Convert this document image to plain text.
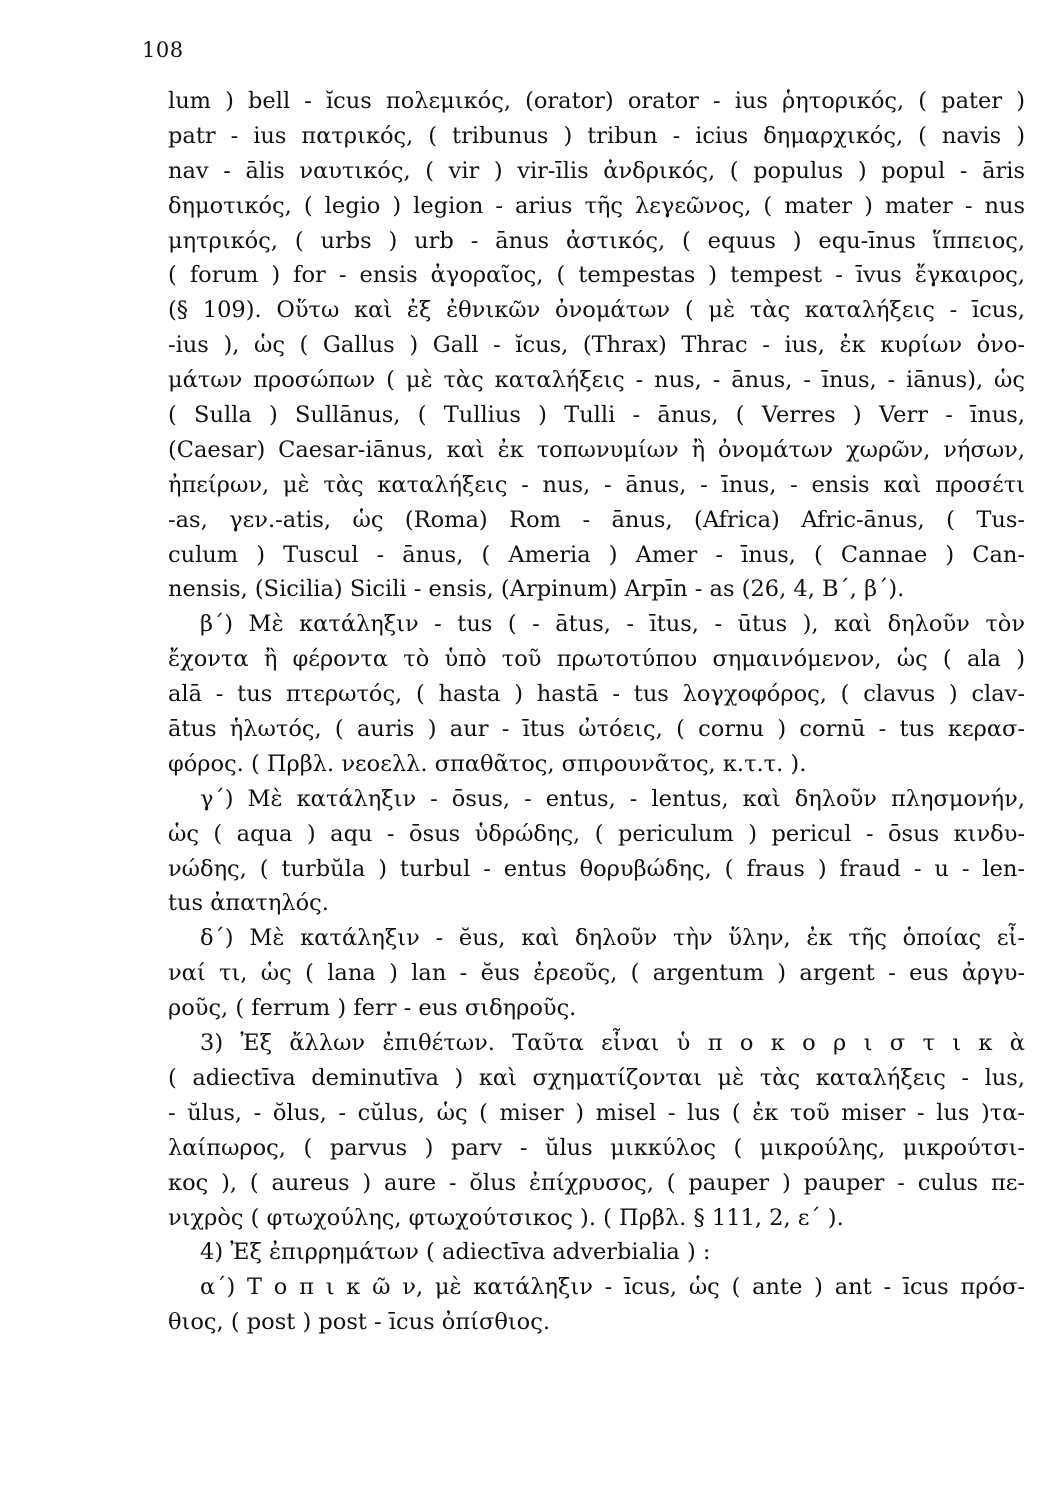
108
lum ) bell - ĭcus πολεμικός, (orator) orator - ius ῥητορικός, ( pater )
patr - ius πατρικός, ( tribunus ) tribun - icius δημαρχικός, ( navis )
nav - ālis ναυτικός, ( vir ) vir-īlis ἀνδρικός, ( populus ) popul - āris
δημοτικός, ( legio ) legion - arius τῆς λεγεῶνος, ( mater ) mater - nus
μητρικός, ( urbs ) urb - ānus ἀστικός, ( equus ) equ-īnus ἵππειος,
( forum ) for - ensis ἀγοραῖος, ( tempestas ) tempest - īvus ἔγκαιρος,
(§ 109). Οὕτω καὶ ἐξ ἐθνικῶν ὀνομάτων ( μὲ τὰς καταλήξεις - īcus,
-ius ), ὡς ( Gallus ) Gall - ĭcus, (Thrax) Thrac - ius, ἐκ κυρίων ὀνο-
μάτων προσώπων ( μὲ τὰς καταλήξεις - nus, - ānus, - īnus, - iānus), ὡς
( Sulla ) Sullānus, ( Tullius ) Tulli - ānus, ( Verres ) Verr - īnus,
(Caesar) Caesar-iānus, καὶ ἐκ τοπωνυμίων ἢ ὀνομάτων χωρῶν, νήσων,
ἠπείρων, μὲ τὰς καταλήξεις - nus, - ānus, - īnus, - ensis καὶ προσέτι
-as, γεν.-atis, ὡς (Roma) Rom - ānus, (Africa) Afric-ānus, ( Tus-
culum ) Tuscul - ānus, ( Ameria ) Amer - īnus, ( Cannae ) Can-
nensis, (Sicilia) Sicili - ensis, (Arpinum) Arpīn - as (26, 4, Β΄, β΄).
β΄) Μὲ κατάληξιν - tus ( - ātus, - ītus, - ūtus ), καὶ δηλοῦν τὸν
ἔχοντα ἢ φέροντα τὸ ὑπὸ τοῦ πρωτοτύπου σημαινόμενον, ὡς ( ala )
alā - tus πτερωτός, ( hasta ) hastā - tus λογχοφόρος, ( clavus ) clav-
ātus ἡλωτός, ( auris ) aur - ītus ὠτόεις, ( cornu ) cornū - tus κερασ-
φόρος. ( Πρβλ. νεοελλ. σπαθᾶτος, σπιρουνᾶτος, κ.τ.τ. ).
γ΄) Μὲ κατάληξιν - ōsus, - entus, - lentus, καὶ δηλοῦν πλησμονήν,
ὡς ( aqua ) aqu - ōsus ὑδρώδης, ( periculum ) pericul - ōsus κινδυ-
νώδης, ( turbŭla ) turbul - entus θορυβώδης, ( fraus ) fraud - u - len-
tus ἀπατηλός.
δ΄) Μὲ κατάληξιν - ĕus, καὶ δηλοῦν τὴν ὕλην, ἐκ τῆς ὁποίας εἶ-
ναί τι, ὡς ( lana ) lan - ĕus ἐρεοῦς, ( argentum ) argent - eus ἀργυ-
ροῦς, ( ferrum ) ferr - eus σιδηροῦς.
3) Ἐξ ἄλλων ἐπιθέτων. Ταῦτα εἶναι ὑ π ο κ ο ρ ι σ τ ι κ ὰ
( adiectīva deminutīva ) καὶ σχηματίζονται μὲ τὰς καταλήξεις - lus,
- ŭlus, - ŏlus, - cŭlus, ὡς ( miser ) misel - lus ( ἐκ τοῦ miser - lus )τα-
λαίπωρος, ( parvus ) parv - ŭlus μικκύλος ( μικρούλης, μικρούτσι-
κος ), ( aureus ) aure - ŏlus ἐπίχρυσος, ( pauper ) pauper - culus πε-
νιχρὸς ( φτωχούλης, φτωχούτσικος ). ( Πρβλ. § 111, 2, ε΄ ).
4) Ἐξ ἐπιρρημάτων ( adiectīva adverbialia ) :
α΄) Τ ο π ι κ ῶ ν, μὲ κατάληξιν - īcus, ὡς ( ante ) ant - īcus πρόσ-
θιος, ( post ) post - īcus ὀπίσθιος.
